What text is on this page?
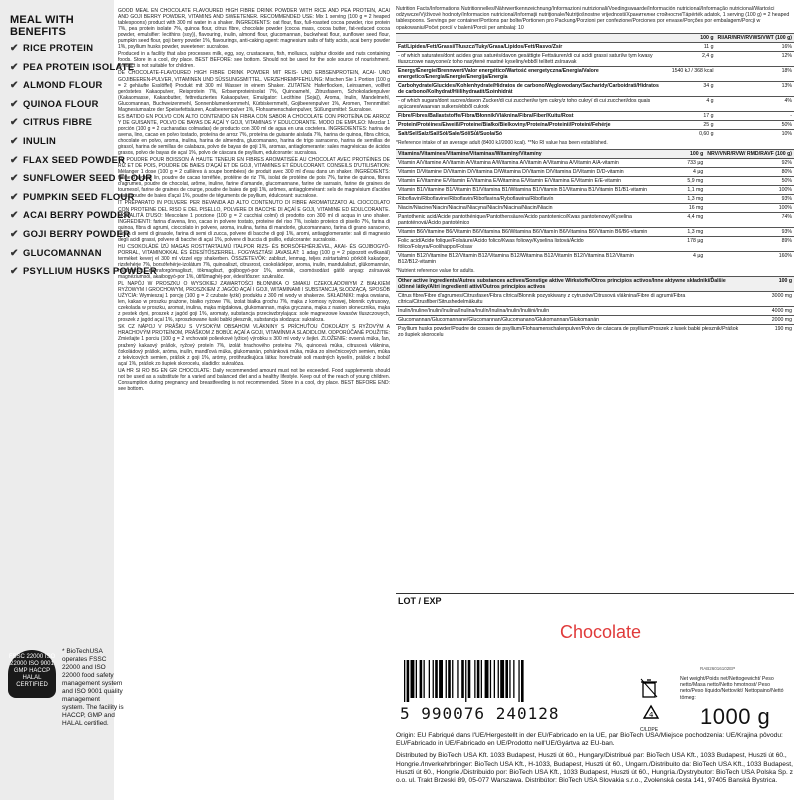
MEAL WITH BENEFITS
✔ RICE PROTEIN
✔ PEA PROTEIN ISOLATE
✔ ALMOND FLOUR
✔ QUINOA FLOUR
✔ CITRUS FIBRE
✔ INULIN
✔ FLAX SEED POWDER
✔ SUNFLOWER SEED FLOUR
✔ PUMPKIN SEED FLOUR
✔ ACAI BERRY POWDER
✔ GOJI BERRY POWDER
✔ GLUCOMANNAN
✔ PSYLLIUM HUSKS POWDER
FSSC 22000 ISO 22000 ISO 9001 GMP HACCP HALAL CERTIFIED
* BioTechUSA operates FSSC 22000 and ISO 22000 food safety management system and ISO 9001 quality management system. The facility is HACCP, GMP and HALAL certified.

GOOD MEAL EN CHOCOLATE FLAVOURED HIGH FIBRE DRINK POWDER WITH RICE AND PEA PROTEIN, ACAI AND GOJI BERRY POWDER, VITAMINS AND SWEETENER. RECOMMENDED USE: Mix 1 serving (100 g = 2 heaped tablespoons) product with 300 ml water in a shaker. INGREDIENTS: oat flour, flax, full-roasted cocoa powder, rice protein 7%, pea protein isolate 7%, quinoa flour, citrus fibre, chocolate powder (cocoa mass, cocoa butter, fat-reduced cocoa powder, emulsifier: lecithins (soy)), flavouring, inulin, almond flour, glucomannan, buckwheat flour, sunflower seed flour, pumpkin seed flour, goji berry powder 1%, flavourings, anti-caking agent: magnesium salts of fatty acids, acai berry powder 1%, psyllium husks powder, sweetener: sucralose.

Produced in a facility that also processes milk, egg, soy, crustaceans, fish, molluscs, sulphur dioxide and nuts containing foods. Store in a cool, dry place. BEST BEFORE: see bottom. Should not be used for the sole source of nourishment. Product is not suitable for children.

DE CHOCOLATE-FLAVOURED HIGH FIBRE DRINK POWDER MIT REIS- UND ERBSENPROTEIN, ACAI- UND GOJIBEEREN-PULVER, VITAMINEN UND SÜSSUNGSMITTEL. VERZEHREMPFEHLUNG: Mischen Sie 1 Portion (100 g = 2 gehäufte Esslöffel) Produkt mit 300 ml Wasser in einem Shaker. ZUTATEN: Haferflocken, Leinsamen, vollfett geröstetes Kakaopulver, Reisprotein 7%, Erbsenproteinisolat 7%, Quinoamehl, Zitrusfasern, Schokoladenpulver (Kakaomasse, Kakaobutter, fettreduziertes Kakaopulver, Emulgator: Lecithine (Soja)), Aroma, Inulin, Mandelmehl, Glucomannan, Buchweizenmehl, Sonnenblumenkernmehl, Kürbiskernmehl, Gojibeerenpulver 1%, Aromen, Trennmittel: Magnesiumsalze der Speisefettsäuren, Acaibeerenpulver 1%, Flohsamenschalenpulver, Süßungsmittel: Sucralose.

ES BATIDO EN POLVO CON ALTO CONTENIDO EN FIBRA CON SABOR A CHOCOLATE CON PROTEÍNA DE ARROZ Y DE GUISANTE, POLVO DE BAYAS DE AÇAÍ Y GOJI, VITAMINAS Y EDULCORANTE. MODO DE EMPLEO: Mezclar 1 porción (100 g = 2 cucharadas colmadas) de producto con 300 ml de agua en una coctelera. INGREDIENTES: harina de avena, lino, cacao en polvo tostado, proteína de arroz 7%, proteína de guisante aislada 7%, harina de quinoa, fibra cítrica, chocolate en polvo, aroma, inulina, harina de almendra, glucomanano, harina de trigo sarraceno, harina de semillas de girasol, harina de semillas de calabaza, polvo de bayas de goji 1%, aromas, antiaglomerante: sales magnésicas de ácidos grasos, polvo de bayas de açaí 1%, polvo de cáscara de psyllium, edulcorante: sucralosa.

FR POUDRE POUR BOISSON À HAUTE TENEUR EN FIBRES AROMATISÉE AU CHOCOLAT AVEC PROTÉINES DE RIZ ET DE POIS, POUDRE DE BAIES D'AÇAÏ ET DE GOJI, VITAMINES ET ÉDULCORANT. CONSEILS D'UTILISATION: Mélanger 1 dose (100 g = 2 cuillères à soupe bombées) de produit avec 300 ml d'eau dans un shaker. INGRÉDIENTS: farine d'avoine, lin, poudre de cacao torréfiée, protéine de riz 7%, isolat de protéine de pois 7%, farine de quinoa, fibres d'agrumes, poudre de chocolat, arôme, inuline, farine d'amande, glucomannane, farine de sarrasin, farine de graines de tournesol, farine de graines de courge, poudre de baies de goji 1%, arômes, antiagglomérant: sels de magnésium d'acides gras, poudre de baies d'açaï 1%, poudre de téguments de psyllium, édulcorant: sucralose.

IT PREPARATO IN POLVERE PER BEVANDA AD ALTO CONTENUTO DI FIBRE AROMATIZZATO AL CIOCCOLATO CON PROTEINE DEL RISO E DEL PISELLO, POLVERE DI BACCHE DI AÇAÍ E GOJI, VITAMINE ED EDULCORANTE. MODALITÀ D'USO: Mescolare 1 porzione (100 g = 2 cucchiai colmi) di prodotto con 300 ml di acqua in uno shaker. INGREDIENTI: farina d'avena, lino, cacao in polvere tostato, proteine del riso 7%, isolato proteico di pisello 7%, farina di quinoa, fibra di agrumi, cioccolato in polvere, aroma, inulina, farina di mandorle, glucomannano, farina di grano saraceno, farina di semi di girasole, farina di semi di zucca, polvere di bacche di goji 1%, aromi, antiagglomerante: sali di magnesio degli acidi grassi, polvere di bacche di açaí 1%, polvere di buccia di psillio, edulcorante: sucralosio.

HU CSOKOLÁDÉ ÍZŰ MAGAS ROSTTARTALMÚ ITALPOR RIZS- ÉS BORSÓFEHÉRJÉVEL, AKAI- ÉS GOJIBOGYÓ-PORRAL, VITAMINOKKAL ÉS ÉDESÍTŐSZERREL. FOGYASZTÁSI JAVASLAT: 1 adag (100 g = 2 púpozott evőkanál) terméket keverj el 300 ml vízzel egy shakerben. ÖSSZETEVŐK: zabliszt, lenmag, teljes zsírtartalmú pörkölt kakaópor, rizsfehérje 7%, borsófehérje-izolátum 7%, quinoaliszt, citrusrost, csokoládépor, aroma, inulin, mandulaliszt, glükomannán, hajdinaliszt, napraforgómagliszt, tökmagliszt, gojibogyó-por 1%, aromák, csomósodást gátló anyag: zsírsavak magnéziumsói, akaibogyó-por 1%, útifűmaghéj-por, édesítőszer: szukralóz.

PL NAPÓJ W PROSZKU O WYSOKIEJ ZAWARTOŚCI BŁONNIKA O SMAKU CZEKOLADOWYM Z BIAŁKIEM RYŻOWYM I GROCHOWYM, PROSZKIEM Z JAGÓD AÇAÍ I GOJI, WITAMINAMI I SUBSTANCJĄ SŁODZĄCĄ. SPOSÓB UŻYCIA: Wymieszaj 1 porcję (100 g = 2 czubate łyżki) produktu z 300 ml wody w shakerze. SKŁADNIKI: mąka owsiana, len, kakao w proszku prażone, białko ryżowe 7%, izolat białka grochu 7%, mąka z komosy ryżowej, błonnik cytrusowy, czekolada w proszku, aromat, inulina, mąka migdałowa, glukomannan, mąka gryczana, mąka z nasion słonecznika, mąka z pestek dyni, proszek z jagód goji 1%, aromaty, substancja przeciwzbrylająca: sole magnezowe kwasów tłuszczowych, proszek z jagód açaí 1%, sproszkowane łuski babki płesznik, substancja słodząca: sukraloza.

SK CZ NÁPOJ V PRÁŠKU S VYSOKÝM OBSAHOM VLÁKNINY S PRÍCHUŤOU ČOKOLÁDY S RYŽOVÝM A HRACHOVÝM PROTEÍNOM, PRÁŠKOM Z BOBÚĽ AÇAÍ A GOJI, VITAMÍNMI A SLADIDLOM. ODPORÚČANÉ POUŽITIE: Zmiešajte 1 porciu (100 g = 2 vrchovaté polievkové lyžice) výrobku s 300 ml vody v šejkri. ZLOŽENIE: ovsená múka, ľan, pražený kakaový prášok, ryžový proteín 7%, izolát hrachového proteínu 7%, quinoová múka, citrusová vláknina, čokoládový prášok, aróma, inulín, mandľová múka, glukomanán, pohánková múka, múka zo slnečnicových semien, múka z tekvicových semien, prášok z goji 1%, arómy, protihrudkujúca látka: horečnaté soli mastných kyselín, prášok z bobúľ açaí 1%, prášok zo šupiek skorocelu, sladidlo: sukralóza.

UA HR SI RO BG EN GR CHOCOLATE: Daily recommended amount must not be exceeded. Food supplements should not be used as a substitute for a varied and balanced diet and a healthy lifestyle. Keep out of the reach of young children. Consumption during pregnancy and breastfeeding is not recommended. Store in a cool, dry place. BEST BEFORE END: see bottom.

Nutrition Facts/Informations Nutritionnelles/Nährwertkennzeichnung/Informazioni nutrizionali/Voedingswaarde/Información nutricional/Informação nutricional/Wartości odżywcze/Výživové hodnoty/Informacion nutricional/Informaţii nutriţionale/Nutriţiošnostne vrijednosti/Хранителни стойности/Tápérték adatok, 1 serving (100 g) = 2 heaped tablespoons. Servings per container/Portions par boîte/Portionen pro Packung/Porzioni per confezione/Porciones por envase/Porções por embalagem/Porcji w opakowaniu/Počet porcií v balení/Porcii per ambalaj: 10
	100 g	RI/AR/NRV/RVWS/VWT (100 g)
Fat/Lipides/Fett/Grassi/Tłuszcz/Tuky/Grasa/Lipidos/Fett/Rasvo/Zsír	11 g	16%
- of which saturates/dont acides gras saturés/davon gesättigte Fettsäuren/di cui acidi grassi saturi/w tym kwasy tłuszczowe nasycone/z toho nasýtené mastné kyseliny/ebből telített zsírsavak	2,4 g	12%
Energy/Énergie/Brennwert/Valor energético/Wartość energetyczna/Energia/Valore energetico/Energía/Energie/Energija/Energia	1540 kJ / 368 kcal	18%
Carbohydrate/Glucides/Kohlenhydrate/Hidratos de carbono/Węglowodany/Sacharidy/Carboidrati/Hidratos de carbono/Kolhydrat/Hiilihydraatit/Szénhidrát	34 g	13%
- of which sugars/dont sucres/davon Zucker/di cui zuccheri/w tym cukry/z toho cukry/ di cui zuccheri/dos quais açúcares/waarvan suikers/ebből cukrok	4 g	4%
Fibre/Fibres/Ballaststoffe/Fibra/Błonnik/Vláknina/Fibra/Fiber/Kuitu/Rost	17 g	-
Protein/Protéines/Eiweiß/Proteine/Białko/Bielkoviny/Proteína/Proteinii/Proteini/Fehérje	25 g	50%
Salt/Sel/Salz/Sal/Sól/Sale/Sól/Sůl/Suola/Só	0,60 g	10%
*Reference intake of an average adult (8400 kJ/2000 kcal). **No RI value has been established.
Vitamins/Vitamines/Vitamine/Vitaminas/Witaminy/Vitamíny	100 g	NRV/VNR/RVW/ RMD/RAVF (100 g)
Vitamin A/Vitamine A/Vitamin A/Vitamina A/Witamina A/Vitamin A/Vitamina A/Vitamin A/A-vitamin	733 µg	92%
Vitamin D/Vitamine D/Vitamin D/Vitamina D/Witamina D/Vitamin D/Vitamina D/Vitamin D/D-vitamin	4 µg	80%
Vitamin E/Vitamine E/Vitamin E/Vitamina E/Witamina E/Vitamin E/Vitamina E/Vitamin E/E-vitamin	5,9 mg	50%
Vitamin B1/Vitamine B1/Vitamin B1/Vitamina B1/Witamina B1/Vitamin B1/Vitamina B1/Vitamin B1/B1-vitamin	1,1 mg	100%
Riboflavin/Riboflavine/Riboflavin/Riboflavina/Ryboflawina/Riboflavín	1,3 mg	93%
Niacin/Niacine/Niacin/Niacina/Niacyna/Niacín/Niacina/Niacin/Niacin	16 mg	100%
Pantothenic acid/Acide pantothénique/Pantothensäure/Acido pantotenico/Kwas pantotenowy/Kyselina pantoténová/Ácido pantoténico	4,4 mg	74%
Vitamin B6/Vitamine B6/Vitamin B6/Vitamina B6/Witamina B6/Vitamín B6/Vitamina B6/Vitamin B6/B6-vitamin	1,3 mg	93%
Folic acid/Acide folique/Folsäure/Acido folico/Kwas foliowy/Kyselina listová/Ácido fólico/Folsyra/Foolihappo/Folsav	178 µg	89%
Vitamin B12/Vitamine B12/Vitamin B12/Vitamina B12/Witamina B12/Vitamín B12/Vitamina B12/Vitamin B12/B12-vitamin	4 µg	160%
*Nutrient reference value for adults.
Other active ingredients/Autres substances actives/Sonstige aktive Wirkstoffe/Otros principios activos/Inne aktywne składniki/Ďalšie účinné látky/Altri ingredienti attivi/Outros princípios activos	100 g
Citrus fibre/Fibre d'agrumes/Citrusfaser/Fibra cítrica/Błonnik pozyskiwany z cytrusów/Citrusová vláknina/Fibre di agrumi/Fibra cítrica/Citrusfiber/Sitrushedelmäkuitu	3000 mg
Inulin/Inuline/Inulin/Inulina/Inulina/Inulín/Inulina/Inulin/Inuliini/Inulin	4000 mg
Glucomannan/Glucomannane/Glucomannan/Glucomanano/Glukomannan/Glukomanán	2000 mg
Psyllium husks powder/Poudre de cosses de psyllium/Flohsamenschalenpulver/Polvo de cáscara de psyllium/Proszek z łusek babki płesznik/Prášok zo šupiek skorocelu	190 mg
LOT / EXP
Chocolate
5 990076 240128
RAB26016102EP
4
C/LDPE
Net weight/Poids net/Nettogewicht/ Peso netto/Masa netto/Netto hmotnost/ Peso neto/Peso líquido/Nettovikt/ Nettopaino/Nettó tömeg:
1000 g
Origin: EU Fabriqué dans l'UE/Hergestellt in der EU/Fabricado en la UE, par BioTech USA/Miejsce pochodzenia: UE/Krajina pôvodu: EU/Fabricado in UE/Fabricado en UE/Prodotto nell'UE/Gyártva az EU-ban.
Distributed by BioTech USA Kft. 1033 Budapest, Huszti út 60., Hungary/Distribué par: BioTech USA Kft., 1033 Budapest, Huszti út 60., Hongrie./Inverkehrbringer: BioTech USA Kft., H-1033, Budapest, Huszti út 60., Ungarn./Distribuito da: BioTech USA Kft., 1033 Budapest, Huszti út 60., Hongrie./Distribuido por: BioTech USA Kft., 1033 Budapest, Huszti út 60., Hungría./Dystrybutor: BioTech USA Polska Sp. z o.o. ul. Trakt Brzeski 89, 05-077 Warszawa. Distribútor: BioTech USA Slovakia s.r.o., Zvolenská cesta 141, 97405 Banská Bystrica.
